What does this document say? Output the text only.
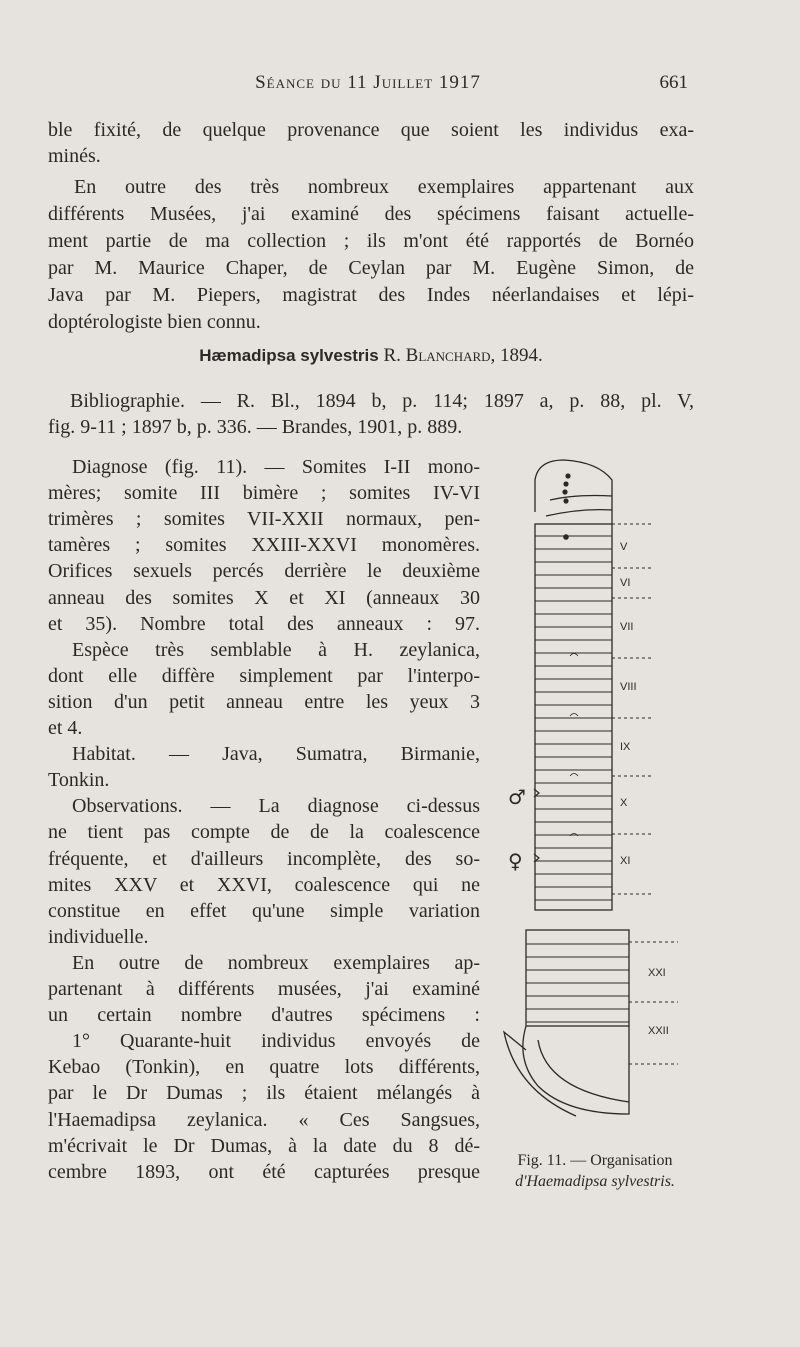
Séance du 11 Juillet 1917	661
ble fixité, de quelque provenance que soient les individus exa-
minés.
En outre des très nombreux exemplaires appartenant aux
différents Musées, j'ai examiné des spécimens faisant actuelle-
ment partie de ma collection ; ils m'ont été rapportés de Bornéo
par M. Maurice Chaper, de Ceylan par M. Eugène Simon, de
Java par M. Piepers, magistrat des Indes néerlandaises et lépi-
doptérologiste bien connu.
Hæmadipsa sylvestris R. Blanchard, 1894.
Bibliographie. — R. Bl., 1894 b, p. 114; 1897 a, p. 88, pl. V,
fig. 9-11 ; 1897 b, p. 336. — Brandes, 1901, p. 889.
Diagnose (fig. 11). — Somites I-II mono-
mères; somite III bimère ; somites IV-VI
trimères ; somites VII-XXII normaux, pen-
tamères ; somites XXIII-XXVI monomères.
Orifices sexuels percés derrière le deuxième
anneau des somites X et XI (anneaux 30
et 35). Nombre total des anneaux : 97.
Espèce très semblable à H. zeylanica,
dont elle diffère simplement par l'interpo-
sition d'un petit anneau entre les yeux 3
et 4.
Habitat. — Java, Sumatra, Birmanie,
Tonkin.
Observations. — La diagnose ci-dessus
ne tient pas compte de de la coalescence
fréquente, et d'ailleurs incomplète, des so-
mites XXV et XXVI, coalescence qui ne
constitue en effet qu'une simple variation
individuelle.
En outre de nombreux exemplaires ap-
partenant à différents musées, j'ai examiné
un certain nombre d'autres spécimens :
1° Quarante-huit individus envoyés de
Kebao (Tonkin), en quatre lots différents,
par le Dr Dumas ; ils étaient mélangés à
l'Haemadipsa zeylanica. « Ces Sangsues,
m'écrivait le Dr Dumas, à la date du 8 dé-
cembre 1893, ont été capturées presque
♂
♀
V
VI
VII
VIII
IX
X
XI
XXI
XXII
Fig. 11. — Organisation
d'Haemadipsa sylvestris.
